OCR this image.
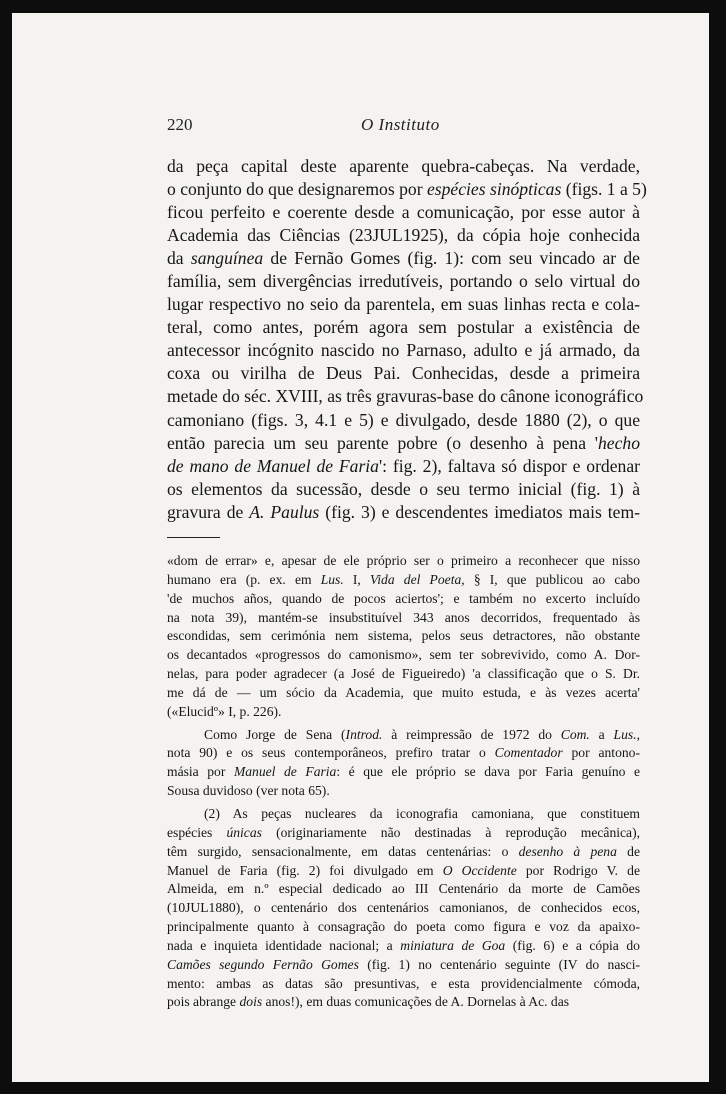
220	O Instituto
da peça capital deste aparente quebra-cabeças. Na verdade,
o conjunto do que designaremos por espécies sinópticas (figs. 1 a 5)
ficou perfeito e coerente desde a comunicação, por esse autor à
Academia das Ciências (23JUL1925), da cópia hoje conhecida
da sanguínea de Fernão Gomes (fig. 1): com seu vincado ar de
família, sem divergências irredutíveis, portando o selo virtual do
lugar respectivo no seio da parentela, em suas linhas recta e cola-
teral, como antes, porém agora sem postular a existência de
antecessor incógnito nascido no Parnaso, adulto e já armado, da
coxa ou virilha de Deus Pai. Conhecidas, desde a primeira
metade do séc. XVIII, as três gravuras-base do cânone iconográfico
camoniano (figs. 3, 4.1 e 5) e divulgado, desde 1880 (2), o que
então parecia um seu parente pobre (o desenho à pena 'hecho
de mano de Manuel de Faria': fig. 2), faltava só dispor e ordenar
os elementos da sucessão, desde o seu termo inicial (fig. 1) à
gravura de A. Paulus (fig. 3) e descendentes imediatos mais tem-

«dom de errar» e, apesar de ele próprio ser o primeiro a reconhecer que nisso
humano era (p. ex. em Lus. I, Vida del Poeta, § I, que publicou ao cabo
'de muchos años, quando de pocos aciertos'; e também no excerto incluído
na nota 39), mantém-se insubstituível 343 anos decorridos, frequentado às
escondidas, sem cerimónia nem sistema, pelos seus detractores, não obstante
os decantados «progressos do camonismo», sem ter sobrevivido, como A. Dor-
nelas, para poder agradecer (a José de Figueiredo) 'a classificação que o S. Dr.
me dá de — um sócio da Academia, que muito estuda, e às vezes acerta'
(«Elucidº» I, p. 226).

Como Jorge de Sena (Introd. à reimpressão de 1972 do Com. a Lus.,
nota 90) e os seus contemporâneos, prefiro tratar o Comentador por antono-
másia por Manuel de Faria: é que ele próprio se dava por Faria genuíno e
Sousa duvidoso (ver nota 65).

(2) As peças nucleares da iconografia camoniana, que constituem
espécies únicas (originariamente não destinadas à reprodução mecânica),
têm surgido, sensacionalmente, em datas centenárias: o desenho à pena de
Manuel de Faria (fig. 2) foi divulgado em O Occidente por Rodrigo V. de
Almeida, em n.º especial dedicado ao III Centenário da morte de Camões
(10JUL1880), o centenário dos centenários camonianos, de conhecidos ecos,
principalmente quanto à consagração do poeta como figura e voz da apaixo-
nada e inquieta identidade nacional; a miniatura de Goa (fig. 6) e a cópia do
Camões segundo Fernão Gomes (fig. 1) no centenário seguinte (IV do nasci-
mento: ambas as datas são presuntivas, e esta providencialmente cómoda,
pois abrange dois anos!), em duas comunicações de A. Dornelas à Ac. das
